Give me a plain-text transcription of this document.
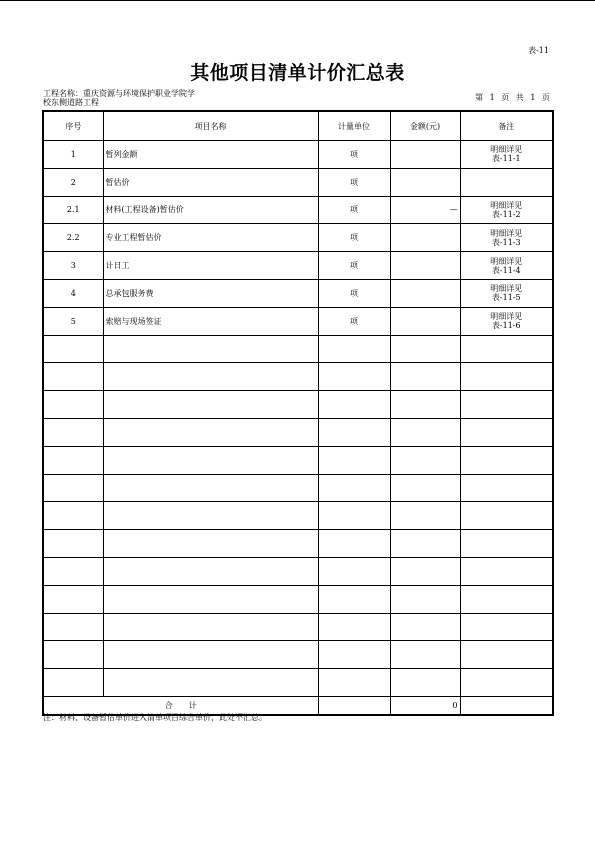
表-11
其他项目清单计价汇总表
工程名称：重庆资源与环境保护职业学院学
校东侧道路工程
第 1 页 共 1 页
序号	项目名称	计量单位	金额(元)	备注
1	暂列金额	项		明细详见
表-11-1

2	暂估价	项		

2.1	材料(工程设备)暂估价	项	—	明细详见
表-11-2

2.2	专业工程暂估价	项		明细详见
表-11-3

3	计日工	项		明细详见
表-11-4

4	总承包服务费	项		明细详见
表-11-5

5	索赔与现场签证	项		明细详见
表-11-6

合　　计			0	
注：材料、设备暂估单价进入清单项目综合单价，此处不汇总。
